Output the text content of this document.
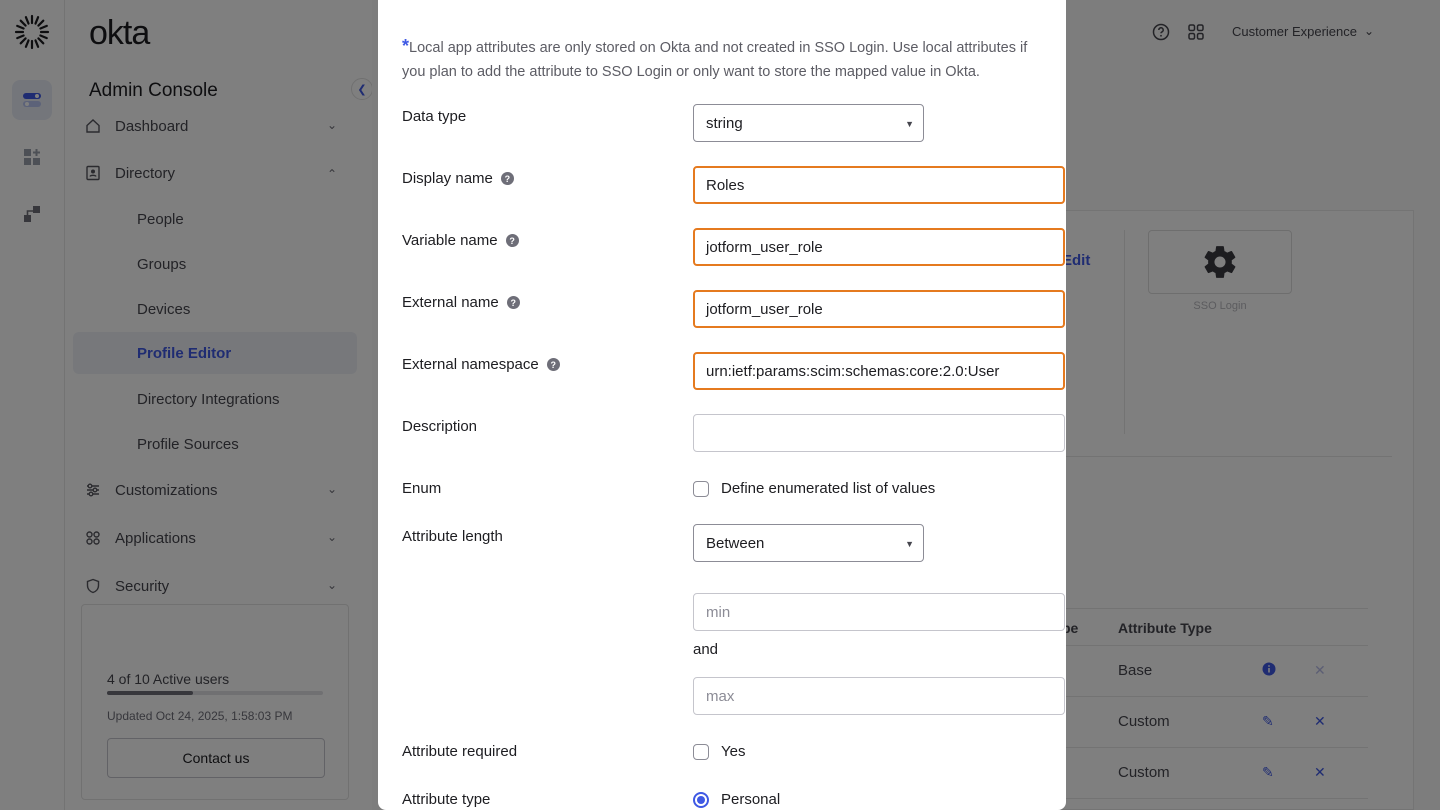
*Local app attributes are only stored on Okta and not created in SSO Login. Use local attributes if you plan to add the attribute to SSO Login or only want to store the mapped value in Okta.
Data type	string	▼
Display name	?	Roles
Variable name	?	jotform_user_role
External name	?	jotform_user_role
External namespace	?	urn:ietf:params:scim:schemas:core:2.0:User
Description
Enum	Define enumerated list of values
Attribute length	Between	▼
min
and
max
Attribute required	Yes
Attribute type	Personal
